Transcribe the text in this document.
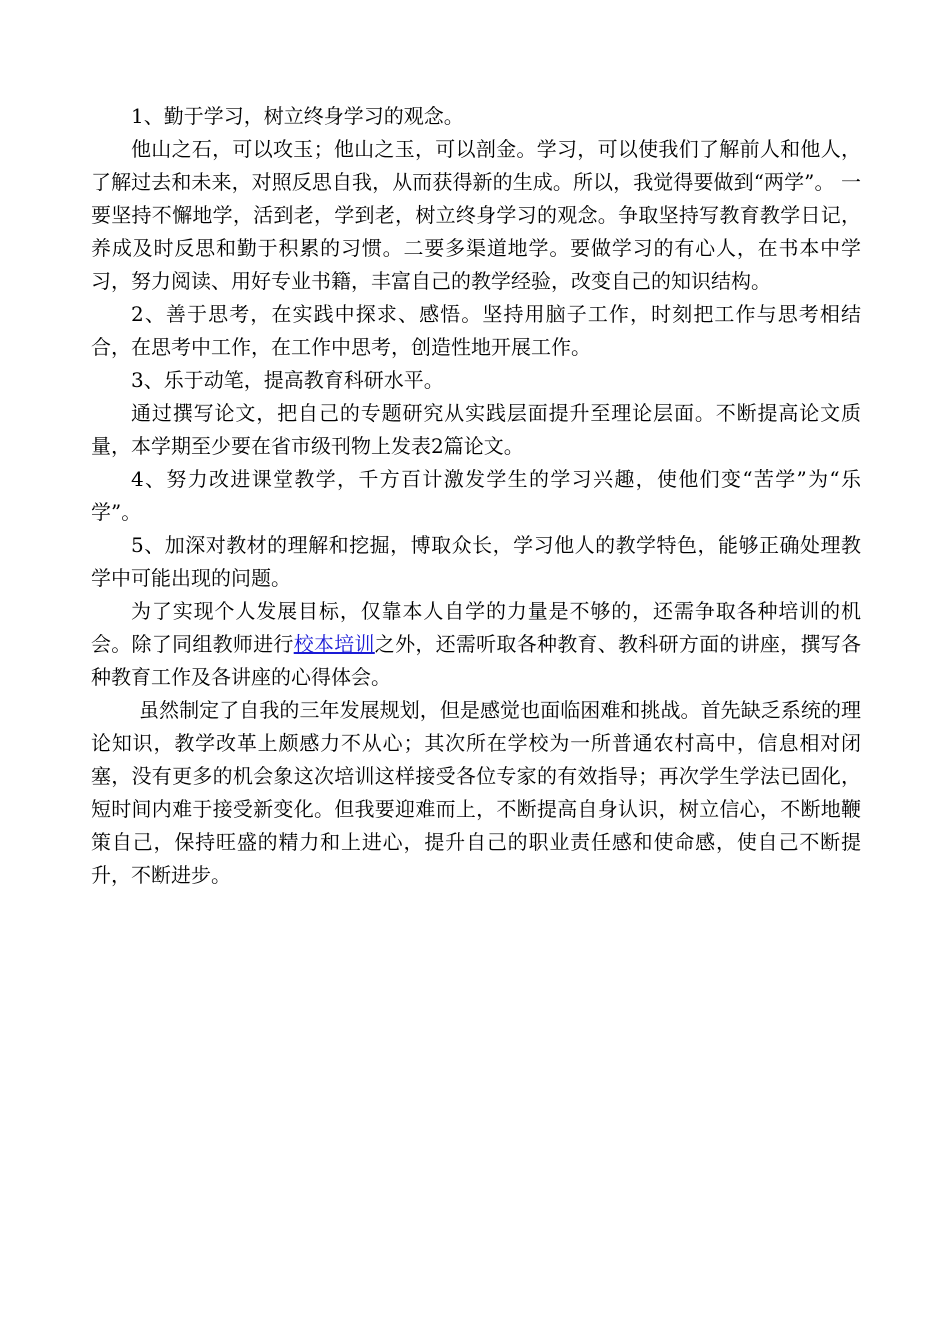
1、勤于学习，树立终身学习的观念。

他山之石，可以攻玉；他山之玉，可以剖金。学习，可以使我们了解前人和他人，了解过去和未来，对照反思自我，从而获得新的生成。所以，我觉得要做到“两学”。 一要坚持不懈地学，活到老，学到老，树立终身学习的观念。争取坚持写教育教学日记，养成及时反思和勤于积累的习惯。二要多渠道地学。要做学习的有心人，在书本中学习，努力阅读、用好专业书籍，丰富自己的教学经验，改变自己的知识结构。

2、善于思考，在实践中探求、感悟。坚持用脑子工作，时刻把工作与思考相结合，在思考中工作，在工作中思考，创造性地开展工作。

3、乐于动笔，提高教育科研水平。

通过撰写论文，把自己的专题研究从实践层面提升至理论层面。不断提高论文质量，本学期至少要在省市级刊物上发表2篇论文。

4、努力改进课堂教学，千方百计激发学生的学习兴趣，使他们变“苦学”为“乐学”。

5、加深对教材的理解和挖掘，博取众长，学习他人的教学特色，能够正确处理教学中可能出现的问题。

为了实现个人发展目标，仅靠本人自学的力量是不够的，还需争取各种培训的机会。除了同组教师进行校本培训之外，还需听取各种教育、教科研方面的讲座，撰写各种教育工作及各讲座的心得体会。

虽然制定了自我的三年发展规划，但是感觉也面临困难和挑战。首先缺乏系统的理论知识，教学改革上颇感力不从心；其次所在学校为一所普通农村高中，信息相对闭塞，没有更多的机会象这次培训这样接受各位专家的有效指导；再次学生学法已固化，短时间内难于接受新变化。但我要迎难而上，不断提高自身认识，树立信心，不断地鞭策自己，保持旺盛的精力和上进心，提升自己的职业责任感和使命感，使自己不断提升，不断进步。
